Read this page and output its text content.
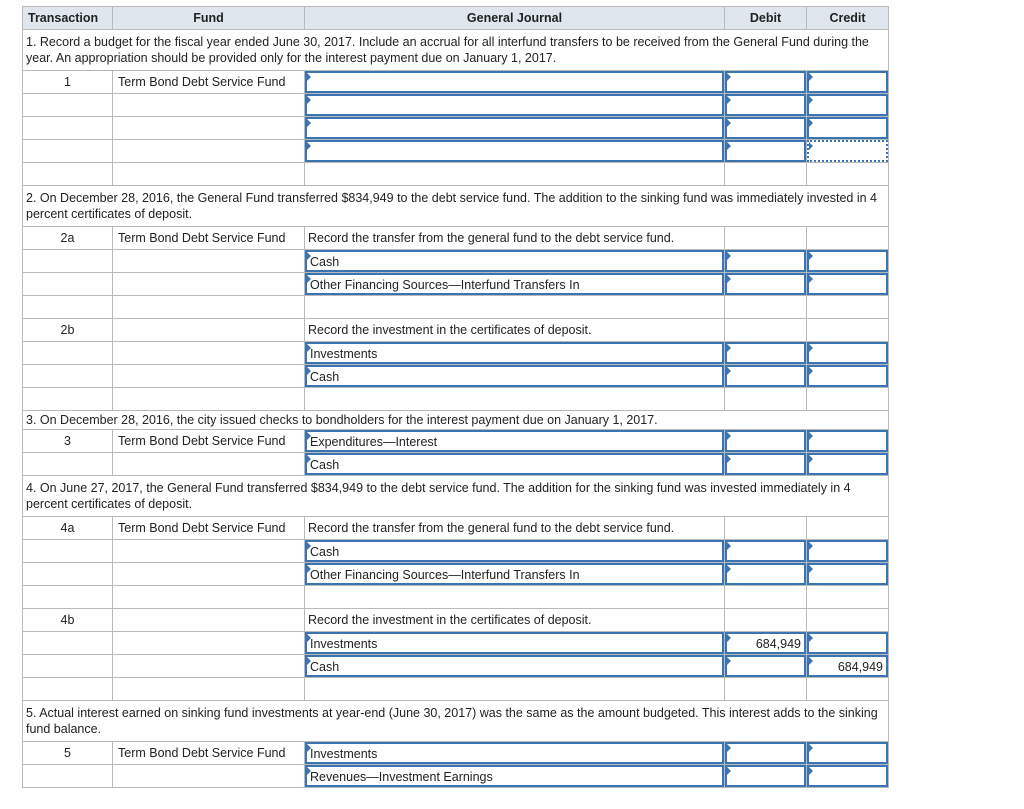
Transaction	Fund	General Journal	Debit	Credit
1. Record a budget for the fiscal year ended June 30, 2017. Include an accrual for all interfund transfers to be received from the General Fund during the year. An appropriation should be provided only for the interest payment due on January 1, 2017.				
1	Term Bond Debt Service Fund	

2. On December 28, 2016, the General Fund transferred $834,949 to the debt service fund. The addition to the sinking fund was immediately invested in 4 percent certificates of deposit.				
2a	Term Bond Debt Service Fund	Record the transfer from the general fund to the debt service fund.		

		Cash		

		Other Financing Sources—Interfund Transfers In		

2b		Record the investment in the certificates of deposit.		

		Investments		

		Cash		

3. On December 28, 2016, the city issued checks to bondholders for the interest payment due on January 1, 2017.				
3	Term Bond Debt Service Fund	Expenditures—Interest		

		Cash		

4. On June 27, 2017, the General Fund transferred $834,949 to the debt service fund. The addition for the sinking fund was invested immediately in 4 percent certificates of deposit.				
4a	Term Bond Debt Service Fund	Record the transfer from the general fund to the debt service fund.		

		Cash		

		Other Financing Sources—Interfund Transfers In		

4b		Record the investment in the certificates of deposit.		

		Investments	684,949	

		Cash		684,949

5. Actual interest earned on sinking fund investments at year-end (June 30, 2017) was the same as the amount budgeted. This interest adds to the sinking fund balance.				
5	Term Bond Debt Service Fund	Investments		

		Revenues—Investment Earnings		
